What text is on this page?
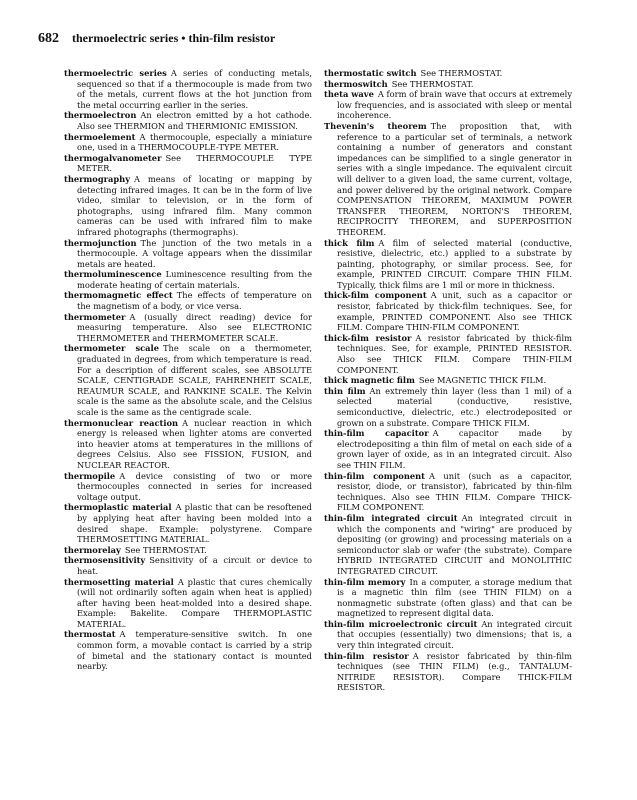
682 thermoelectric series • thin-film resistor

thermoelectric series A series of conducting metals, sequenced so that if a thermocouple is made from two of the metals, current flows at the hot junction from the metal occurring earlier in the series.

thermoelectron An electron emitted by a hot cathode. Also see THERMION and THERMIONIC EMISSION.

thermoelement A thermocouple, especially a miniature one, used in a THERMOCOUPLE-TYPE METER.

thermogalvanometer See THERMOCOUPLE TYPE METER.

thermography A means of locating or mapping by detecting infrared images. It can be in the form of live video, similar to television, or in the form of photographs, using infrared film. Many common cameras can be used with infrared film to make infrared photographs (thermographs).

thermojunction The junction of the two metals in a thermocouple. A voltage appears when the dissimilar metals are heated.

thermoluminescence Luminescence resulting from the moderate heating of certain materials.

thermomagnetic effect The effects of temperature on the magnetism of a body, or vice versa.

thermometer A (usually direct reading) device for measuring temperature. Also see ELECTRONIC THERMOMETER and THERMOMETER SCALE.

thermometer scale The scale on a thermometer, graduated in degrees, from which temperature is read. For a description of different scales, see ABSOLUTE SCALE, CENTIGRADE SCALE, FAHRENHEIT SCALE, REAUMUR SCALE, and RANKINE SCALE. The Kelvin scale is the same as the absolute scale, and the Celsius scale is the same as the centigrade scale.

thermonuclear reaction A nuclear reaction in which energy is released when lighter atoms are converted into heavier atoms at temperatures in the millions of degrees Celsius. Also see FISSION, FUSION, and NUCLEAR REACTOR.

thermopile A device consisting of two or more thermocouples connected in series for increased voltage output.

thermoplastic material A plastic that can be resoftened by applying heat after having been molded into a desired shape. Example: polystyrene. Compare THERMOSETTING MATERIAL.

thermorelay See THERMOSTAT.

thermosensitivity Sensitivity of a circuit or device to heat.

thermosetting material A plastic that cures chemically (will not ordinarily soften again when heat is applied) after having been heat-molded into a desired shape. Example: Bakelite. Compare THERMOPLASTIC MATERIAL.

thermostat A temperature-sensitive switch. In one common form, a movable contact is carried by a strip of bimetal and the stationary contact is mounted nearby.

thermostatic switch See THERMOSTAT.

thermoswitch See THERMOSTAT.

theta wave A form of brain wave that occurs at extremely low frequencies, and is associated with sleep or mental incoherence.

Thevenin's theorem The proposition that, with reference to a particular set of terminals, a network containing a number of generators and constant impedances can be simplified to a single generator in series with a single impedance. The equivalent circuit will deliver to a given load, the same current, voltage, and power delivered by the original network. Compare COMPENSATION THEOREM, MAXIMUM POWER TRANSFER THEOREM, NORTON'S THEOREM, RECIPROCITY THEOREM, and SUPERPOSITION THEOREM.

thick film A film of selected material (conductive, resistive, dielectric, etc.) applied to a substrate by painting, photography, or similar process. See, for example, PRINTED CIRCUIT. Compare THIN FILM. Typically, thick films are 1 mil or more in thickness.

thick-film component A unit, such as a capacitor or resistor, fabricated by thick-film techniques. See, for example, PRINTED COMPONENT. Also see THICK FILM. Compare THIN-FILM COMPONENT.

thick-film resistor A resistor fabricated by thick-film techniques. See, for example, PRINTED RESISTOR. Also see THICK FILM. Compare THIN-FILM COMPONENT.

thick magnetic film See MAGNETIC THICK FILM.

thin film An extremely thin layer (less than 1 mil) of a selected material (conductive, resistive, semiconductive, dielectric, etc.) electrodeposited or grown on a substrate. Compare THICK FILM.

thin-film capacitor A capacitor made by electrodepositing a thin film of metal on each side of a grown layer of oxide, as in an integrated circuit. Also see THIN FILM.

thin-film component A unit (such as a capacitor, resistor, diode, or transistor), fabricated by thin-film techniques. Also see THIN FILM. Compare THICK-FILM COMPONENT.

thin-film integrated circuit An integrated circuit in which the components and "wiring" are produced by depositing (or growing) and processing materials on a semiconductor slab or wafer (the substrate). Compare HYBRID INTEGRATED CIRCUIT and MONOLITHIC INTEGRATED CIRCUIT.

thin-film memory In a computer, a storage medium that is a magnetic thin film (see THIN FILM) on a nonmagnetic substrate (often glass) and that can be magnetized to represent digital data.

thin-film microelectronic circuit An integrated circuit that occupies (essentially) two dimensions; that is, a very thin integrated circuit.

thin-film resistor A resistor fabricated by thin-film techniques (see THIN FILM) (e.g., TANTALUM-NITRIDE RESISTOR). Compare THICK-FILM RESISTOR.
